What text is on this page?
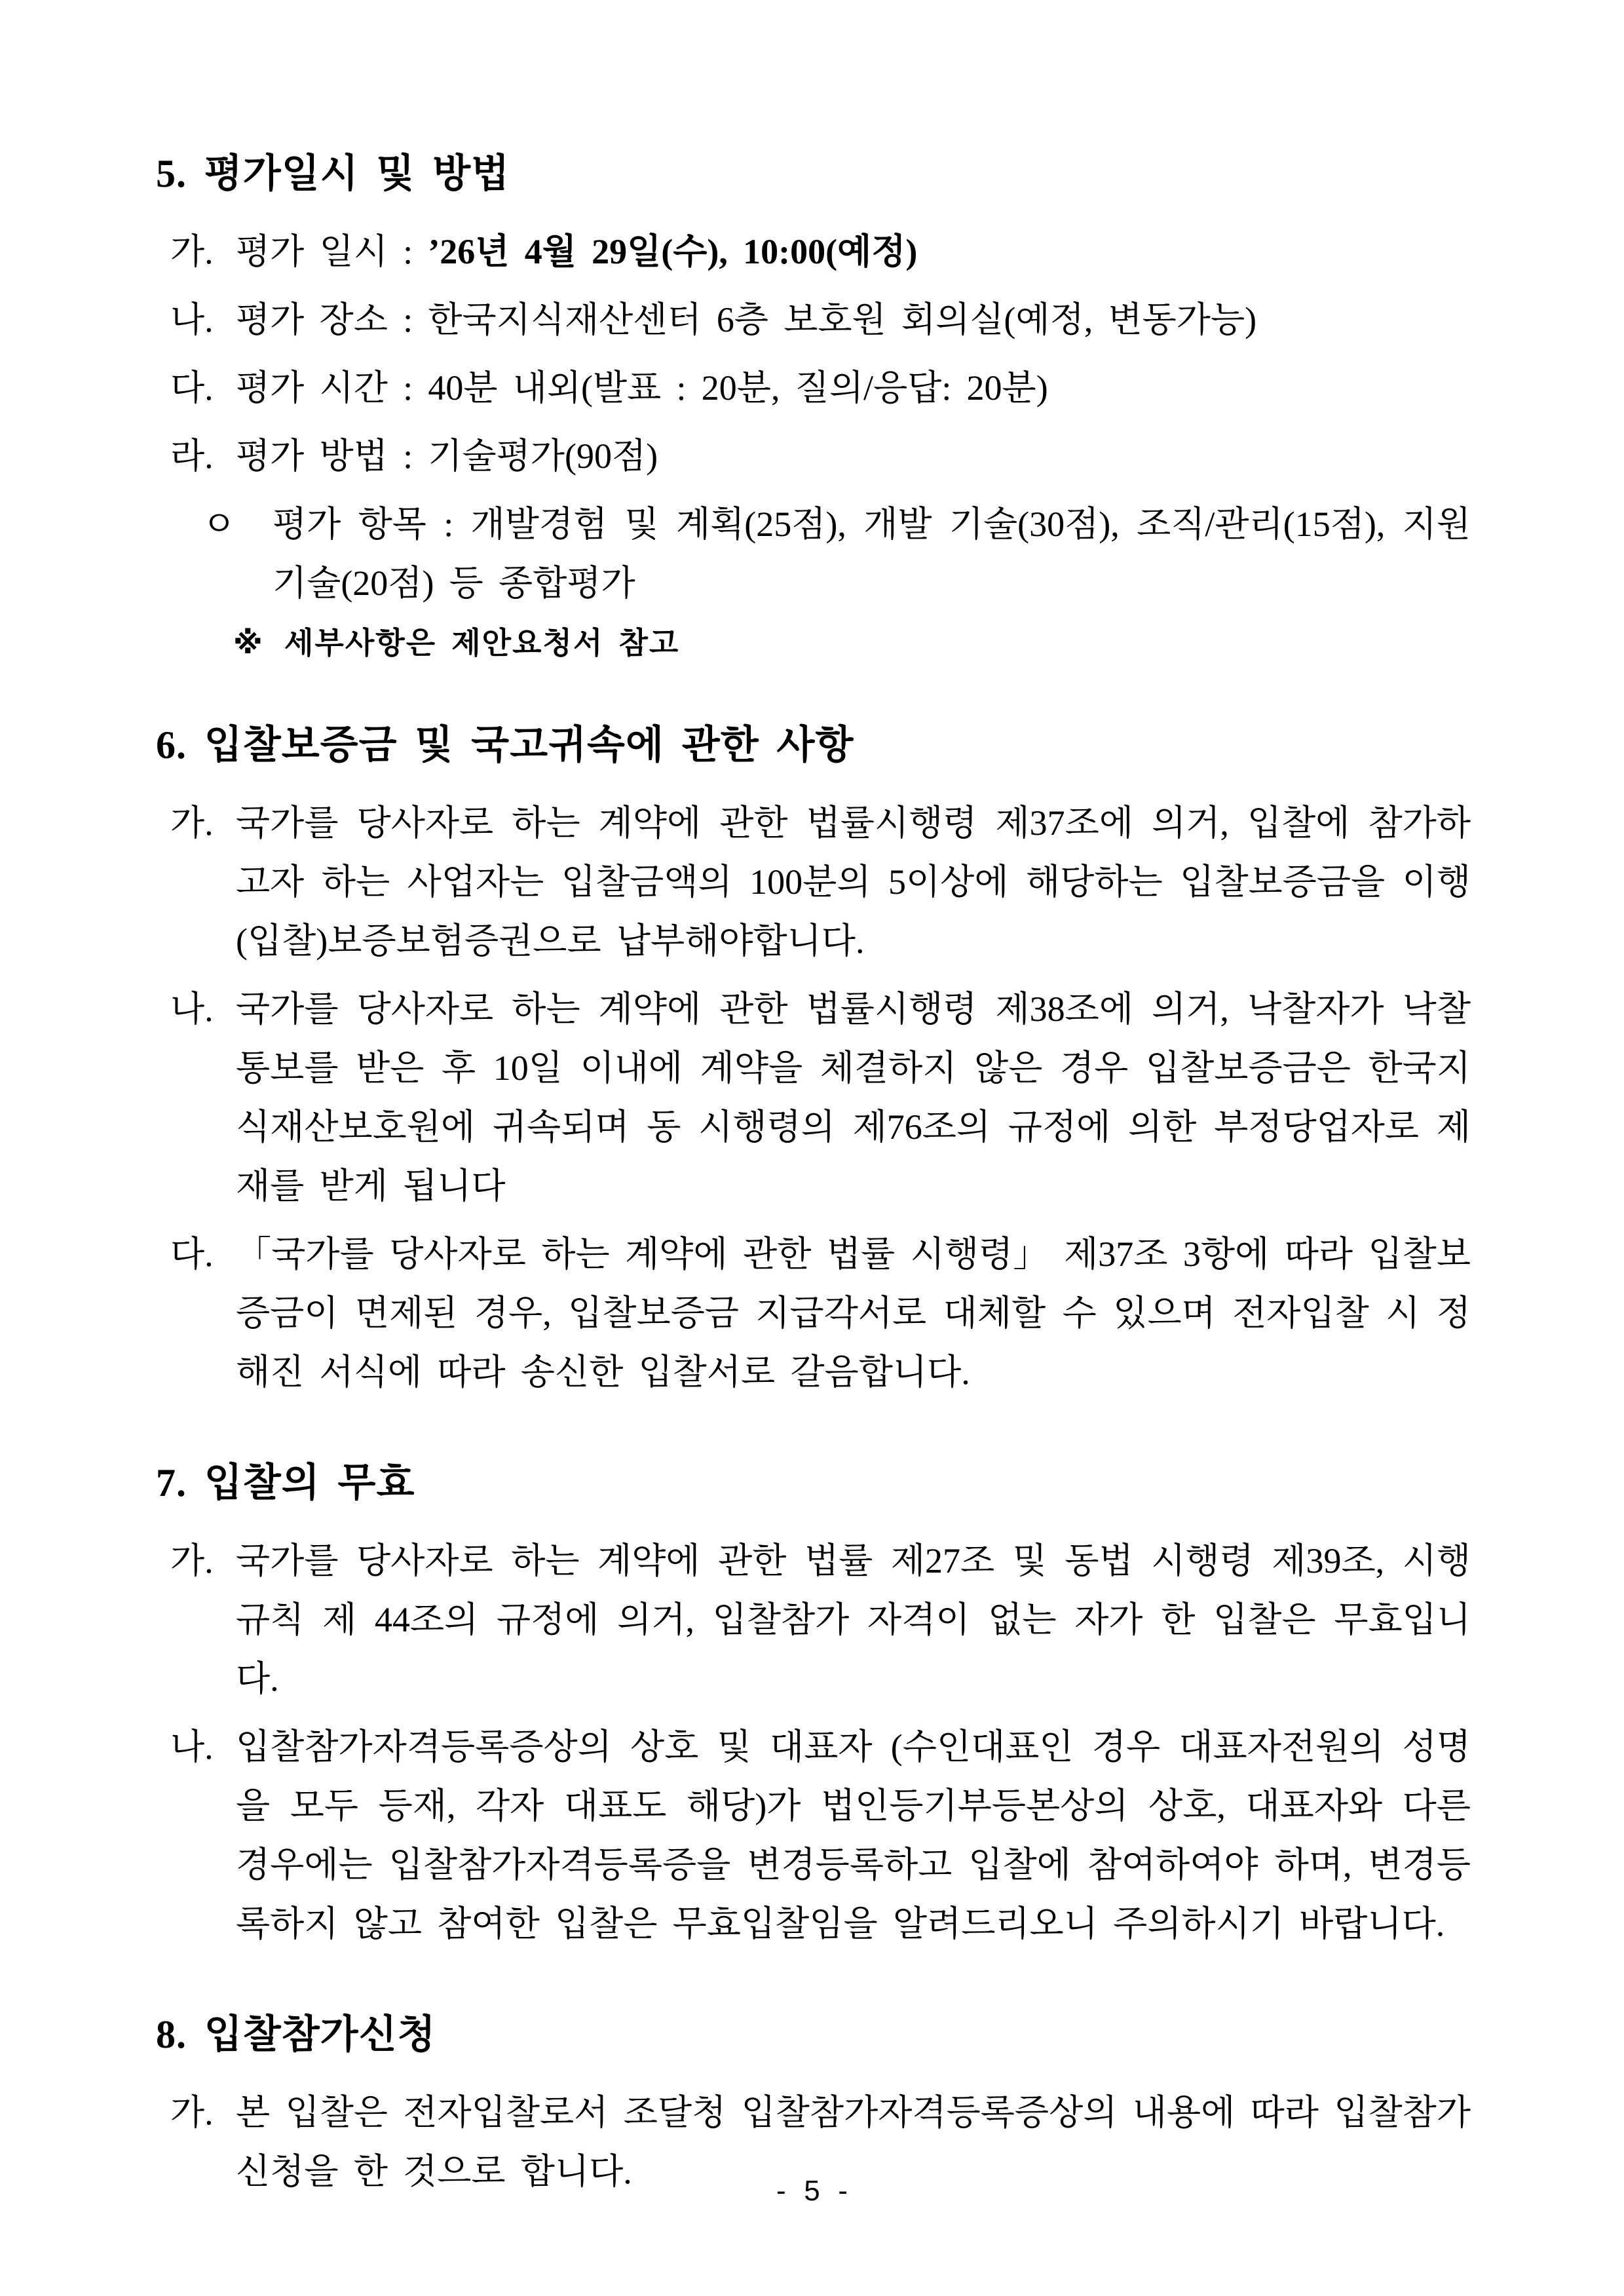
5. 평가일시 및 방법
가. 평가 일시 : ’26년 4월 29일(수), 10:00(예정)
나. 평가 장소 : 한국지식재산센터 6층 보호원 회의실(예정, 변동가능)
다. 평가 시간 : 40분 내외(발표 : 20분, 질의/응답: 20분)
라. 평가 방법 : 기술평가(90점)
ㅇ 평가 항목 : 개발경험 및 계획(25점), 개발 기술(30점), 조직/관리(15점), 지원 기술(20점) 등 종합평가
※ 세부사항은 제안요청서 참고
6. 입찰보증금 및 국고귀속에 관한 사항
가. 국가를 당사자로 하는 계약에 관한 법률시행령 제37조에 의거, 입찰에 참가하고자 하는 사업자는 입찰금액의 100분의 5이상에 해당하는 입찰보증금을 이행(입찰)보증보험증권으로 납부해야합니다.
나. 국가를 당사자로 하는 계약에 관한 법률시행령 제38조에 의거, 낙찰자가 낙찰통보를 받은 후 10일 이내에 계약을 체결하지 않은 경우 입찰보증금은 한국지식재산보호원에 귀속되며 동 시행령의 제76조의 규정에 의한 부정당업자로 제재를 받게 됩니다
다. 「국가를 당사자로 하는 계약에 관한 법률 시행령」 제37조 3항에 따라 입찰보증금이 면제된 경우, 입찰보증금 지급각서로 대체할 수 있으며 전자입찰 시 정해진 서식에 따라 송신한 입찰서로 갈음합니다.
7. 입찰의 무효
가. 국가를 당사자로 하는 계약에 관한 법률 제27조 및 동법 시행령 제39조, 시행규칙 제 44조의 규정에 의거, 입찰참가 자격이 없는 자가 한 입찰은 무효입니다.
나. 입찰참가자격등록증상의 상호 및 대표자 (수인대표인 경우 대표자전원의 성명을 모두 등재, 각자 대표도 해당)가 법인등기부등본상의 상호, 대표자와 다른 경우에는 입찰참가자격등록증을 변경등록하고 입찰에 참여하여야 하며, 변경등록하지 않고 참여한 입찰은 무효입찰임을 알려드리오니 주의하시기 바랍니다.
8. 입찰참가신청
가. 본 입찰은 전자입찰로서 조달청 입찰참가자격등록증상의 내용에 따라 입찰참가신청을 한 것으로 합니다.	- 5 -
